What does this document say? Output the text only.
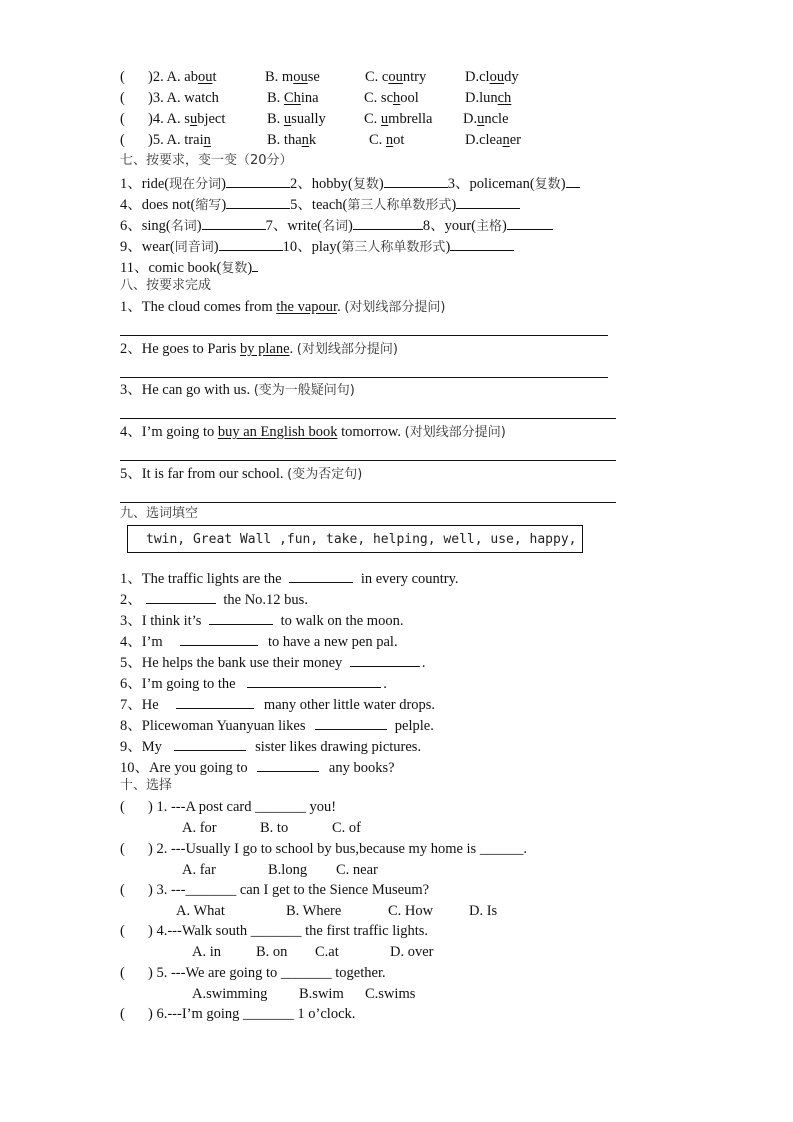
( )2. A. about	B. mouse	C. country	D.cloudy
( )3. A. watch	B. China	C. school	D.lunch
( )4. A. subject	B. usually	C. umbrella D.uncle
( )5. A. train	B. thank	C. not	D.cleaner
七、按要求，变一变（20分）
1、ride(现在分词)	2、hobby(复数)	3、policeman(复数)
4、does not(缩写)	5、teach(第三人称单数形式)
6、sing(名词)	7、write(名词)	8、your(主格)
9、wear(同音词)	10、play(第三人称单数形式)
11、comic book(复数)
八、按要求完成
1、The cloud comes from the vapour. (对划线部分提问)
2、He goes to Paris by plane. (对划线部分提问)
3、He can go with us. (变为一般疑问句)
4、I’m going to buy an English book tomorrow. (对划线部分提问)
5、It is far from our school. (变为否定句)
九、选词填空
twin, Great Wall ,fun, take, helping, well, use, happy,
1、The traffic lights are the	in every country.
2、	the No.12 bus.
3、I think it’s	to walk on the moon.
4、I’m	to have a new pen pal.
5、He helps the bank use their money	.
6、I’m going to the	.
7、He	many other little water drops.
8、Plicewoman Yuanyuan likes	pelple.
9、My	sister likes drawing pictures.
10、Are you going to	any books?
十、选择
( ) 1. ---A post card _______ you!
A. for	B. to	C. of
( ) 2. ---Usually I go to school by bus,because my home is ______.
A. far	B.long C. near
( ) 3. ---_______ can I get to the Sience Museum?
A. What	B. Where	C. How D. Is
( ) 4.---Walk south _______ the first traffic lights.
A. in B. on C.at	D. over
( ) 5. ---We are going to _______ together.
A.swimming B.swim C.swims
( ) 6.---I’m going _______ 1 o’clock.
